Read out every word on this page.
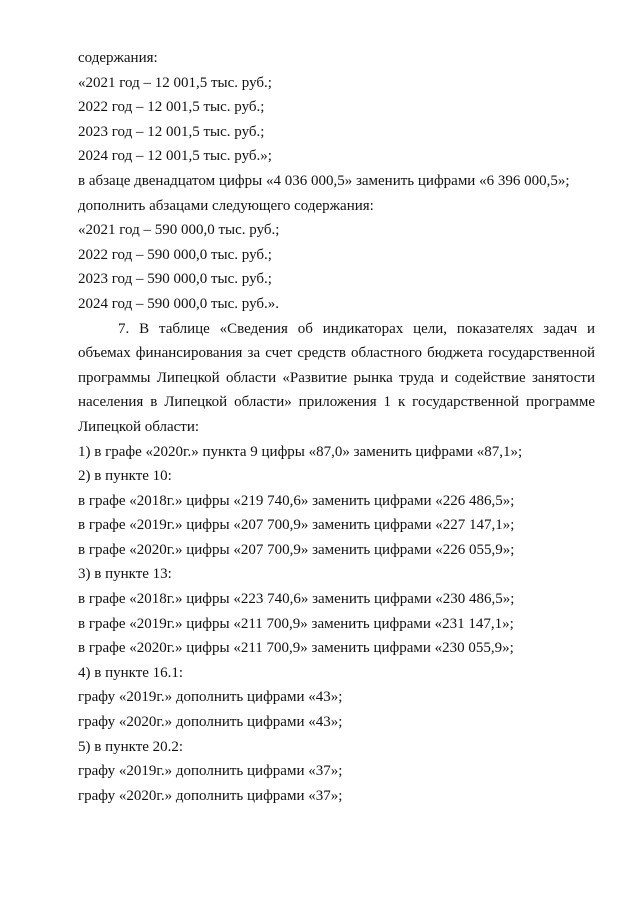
содержания:
«2021 год – 12 001,5 тыс. руб.;
2022 год – 12 001,5 тыс. руб.;
2023 год – 12 001,5 тыс. руб.;
2024 год – 12 001,5 тыс. руб.»;
в абзаце двенадцатом цифры «4 036 000,5» заменить цифрами «6 396 000,5»;
дополнить абзацами следующего содержания:
«2021 год – 590 000,0 тыс. руб.;
2022 год – 590 000,0 тыс. руб.;
2023 год – 590 000,0 тыс. руб.;
2024 год – 590 000,0 тыс. руб.».
7. В таблице «Сведения об индикаторах цели, показателях задач и
объемах финансирования за счет средств областного бюджета государственной
программы Липецкой области «Развитие рынка труда и содействие занятости
населения в Липецкой области» приложения 1 к государственной программе
Липецкой области:
1) в графе «2020г.» пункта 9 цифры «87,0» заменить цифрами «87,1»;
2) в пункте 10:
в графе «2018г.» цифры «219 740,6» заменить цифрами «226 486,5»;
в графе «2019г.» цифры «207 700,9» заменить цифрами «227 147,1»;
в графе «2020г.» цифры «207 700,9» заменить цифрами «226 055,9»;
3) в пункте 13:
в графе «2018г.» цифры «223 740,6» заменить цифрами «230 486,5»;
в графе «2019г.» цифры «211 700,9» заменить цифрами «231 147,1»;
в графе «2020г.» цифры «211 700,9» заменить цифрами «230 055,9»;
4) в пункте 16.1:
графу «2019г.» дополнить цифрами «43»;
графу «2020г.» дополнить цифрами «43»;
5) в пункте 20.2:
графу «2019г.» дополнить цифрами «37»;
графу «2020г.» дополнить цифрами «37»;
